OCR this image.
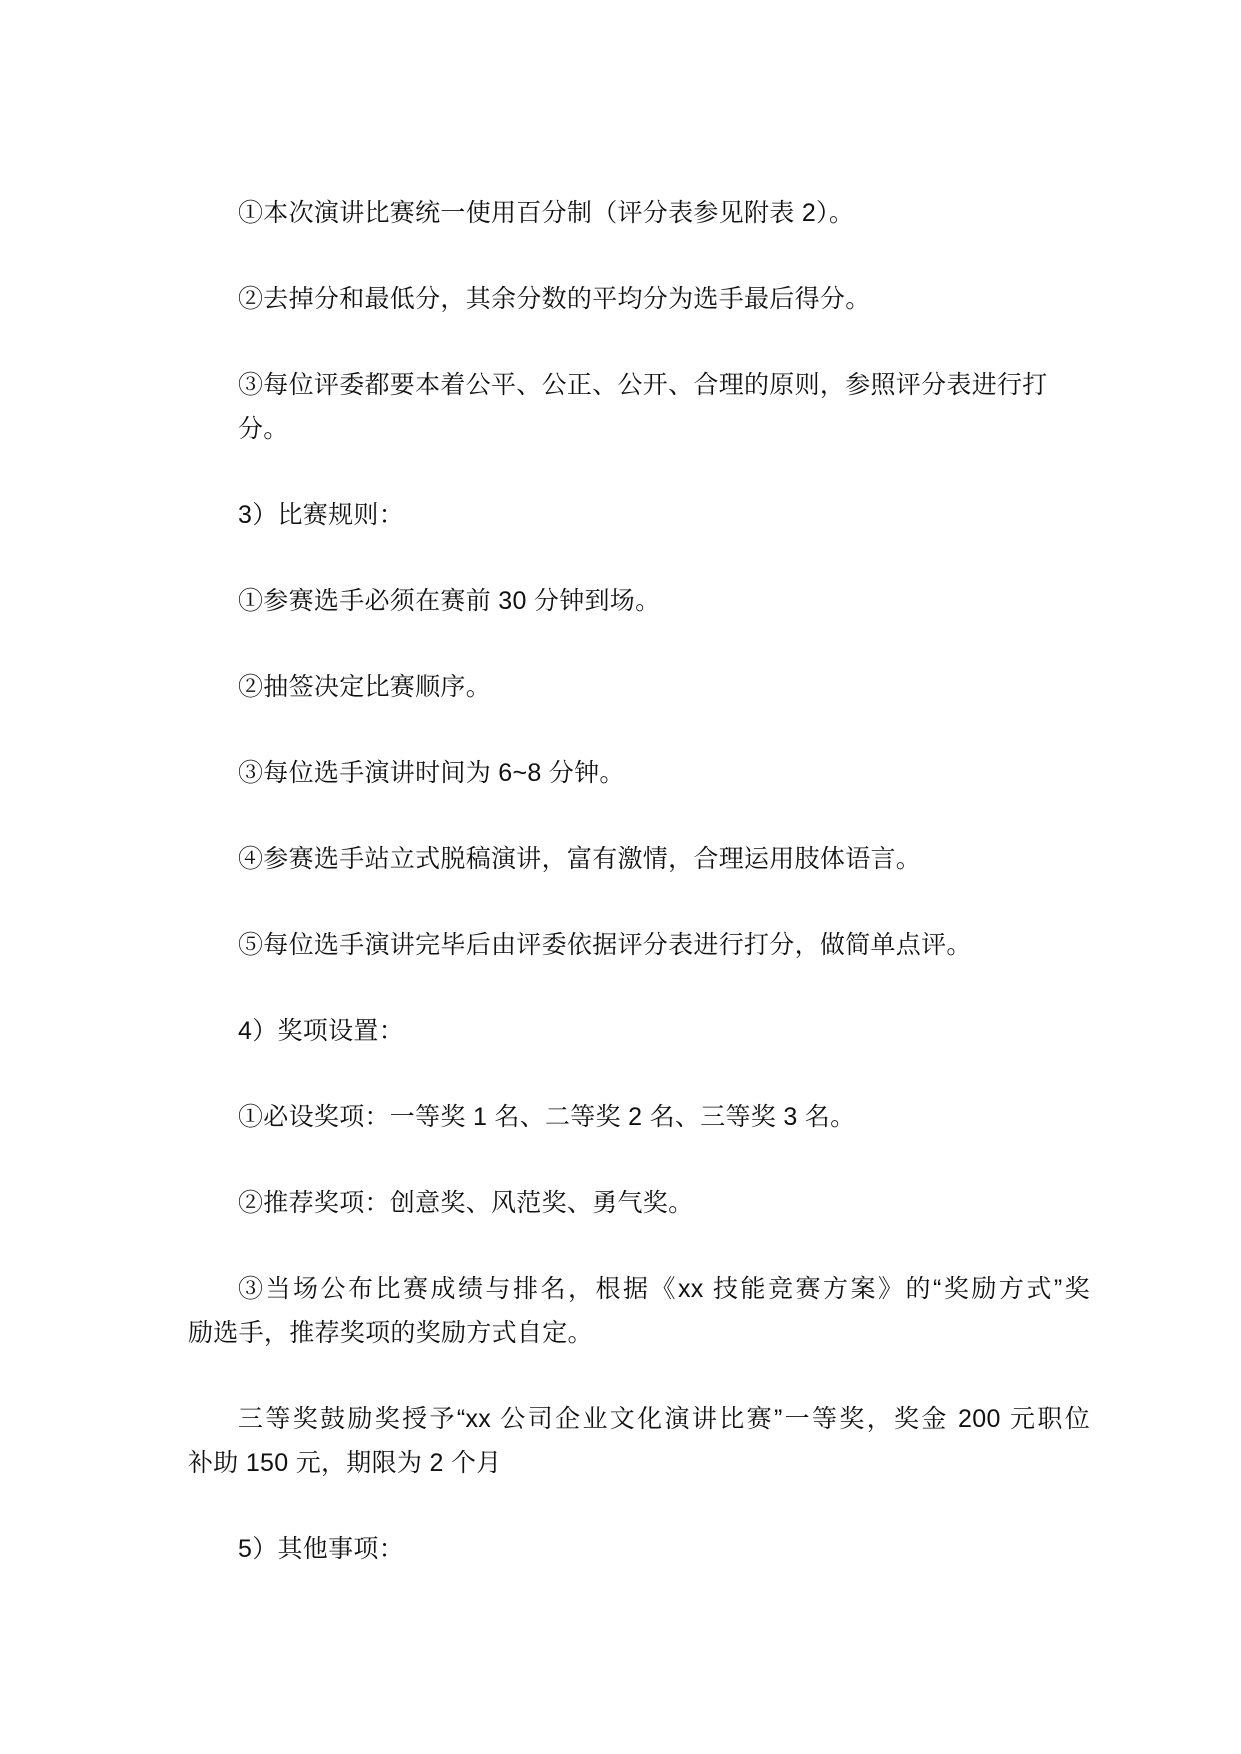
①本次演讲比赛统一使用百分制（评分表参见附表 2）。
②去掉分和最低分，其余分数的平均分为选手最后得分。
③每位评委都要本着公平、公正、公开、合理的原则，参照评分表进行打分。
3）比赛规则：
①参赛选手必须在赛前 30 分钟到场。
②抽签决定比赛顺序。
③每位选手演讲时间为 6~8 分钟。
④参赛选手站立式脱稿演讲，富有激情，合理运用肢体语言。
⑤每位选手演讲完毕后由评委依据评分表进行打分，做简单点评。
4）奖项设置：
①必设奖项：一等奖 1 名、二等奖 2 名、三等奖 3 名。
②推荐奖项：创意奖、风范奖、勇气奖。
③当场公布比赛成绩与排名，根据《xx 技能竞赛方案》的“奖励方式”奖
励选手，推荐奖项的奖励方式自定。
三等奖鼓励奖授予“xx 公司企业文化演讲比赛”一等奖，奖金 200 元职位
补助 150 元，期限为 2 个月
5）其他事项：
